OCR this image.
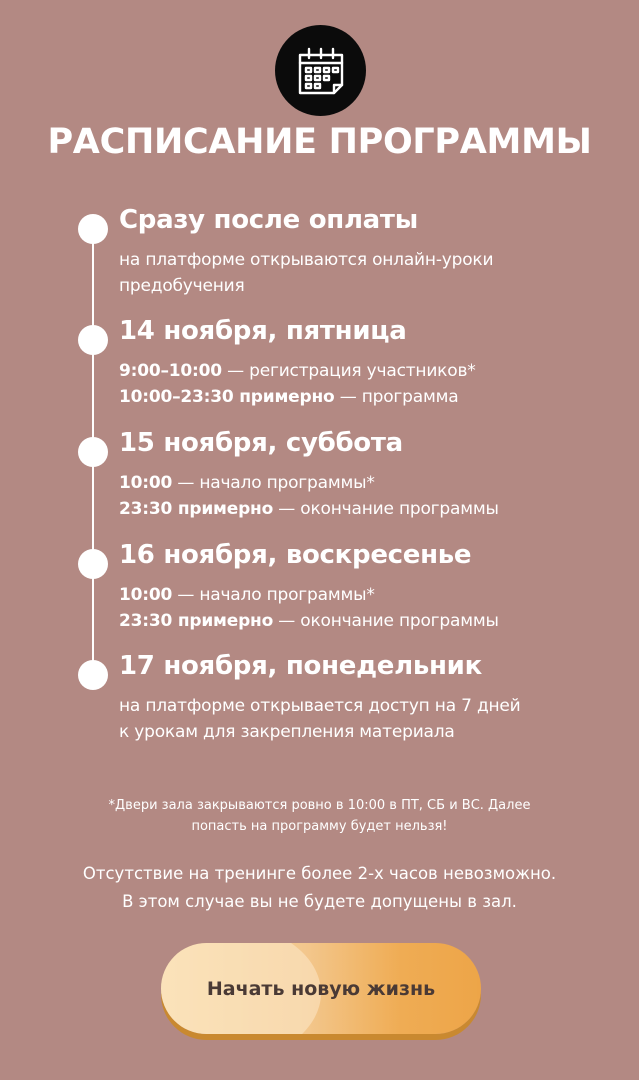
РАСПИСАНИЕ ПРОГРАММЫ
Сразу после оплаты
на платформе открываются онлайн-уроки
предобучения
14 ноября, пятница
9:00–10:00 — регистрация участников*
10:00–23:30 примерно — программа
15 ноября, суббота
10:00 — начало программы*
23:30 примерно — окончание программы
16 ноября, воскресенье
10:00 — начало программы*
23:30 примерно — окончание программы
17 ноября, понедельник
на платформе открывается доступ на 7 дней
к урокам для закрепления материала
*Двери зала закрываются ровно в 10:00 в ПТ, СБ и ВС. Далее
попасть на программу будет нельзя!
Отсутствие на тренинге более 2-х часов невозможно.
В этом случае вы не будете допущены в зал.
Начать новую жизнь
